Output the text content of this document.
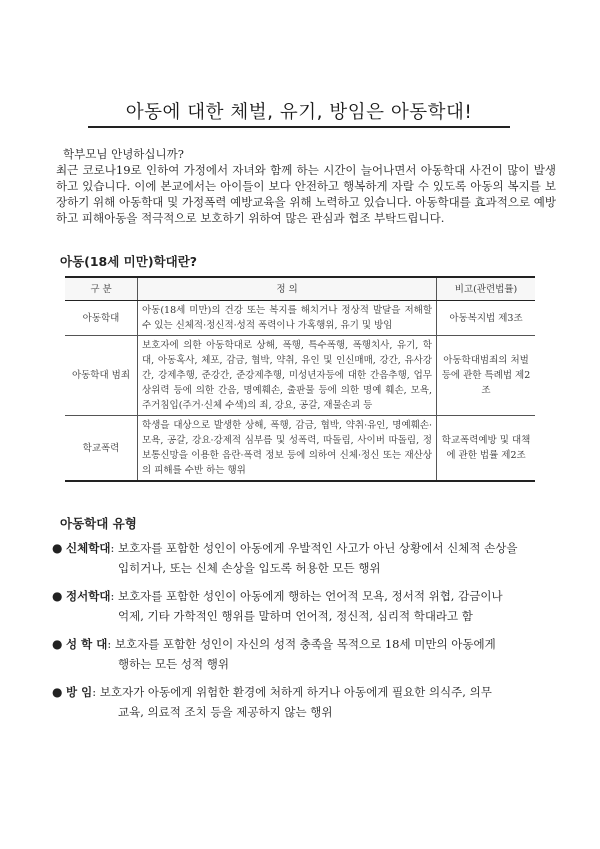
아동에 대한 체벌, 유기, 방임은 아동학대!

학부모님 안녕하십니까?

최근 코로나19로 인하여 가정에서 자녀와 함께 하는 시간이 늘어나면서 아동학대 사건이 많이 발생하고 있습니다. 이에 본교에서는 아이들이 보다 안전하고 행복하게 자랄 수 있도록 아동의 복지를 보장하기 위해 아동학대 및 가정폭력 예방교육을 위해 노력하고 있습니다. 아동학대를 효과적으로 예방하고 피해아동을 적극적으로 보호하기 위하여 많은 관심과 협조 부탁드립니다.

아동(18세 미만)학대란?
구 분	정 의	비고(관련법률)
아동학대	아동(18세 미만)의 건강 또는 복지를 해치거나 정상적 발달을 저해할 수 있는 신체적·정신적·성적 폭력이나 가혹행위, 유기 및 방임	아동복지법 제3조
아동학대 범죄	보호자에 의한 아동학대로 상해, 폭행, 특수폭행, 폭행치사, 유기, 학대, 아동혹사, 체포, 감금, 협박, 약취, 유인 및 인신매매, 강간, 유사강간, 강제추행, 준강간, 준강제추행, 미성년자등에 대한 간음추행, 업무상위력 등에 의한 간음, 명예훼손, 출판물 등에 의한 명예 훼손, 모욕, 주거침입(주거·신체 수색)의 죄, 강요, 공갈, 재물손괴 등	아동학대범죄의 처벌 등에 관한 특례법 제2조
학교폭력	학생을 대상으로 발생한 상해, 폭행, 감금, 협박, 약취·유인, 명예훼손·모욕, 공갈, 강요·강제적 심부름 및 성폭력, 따돌림, 사이버 따돌림, 정보통신망을 이용한 음란·폭력 정보 등에 의하여 신체·정신 또는 재산상의 피해를 수반 하는 행위	학교폭력예방 및 대책에 관한 법률 제2조
아동학대 유형
● 신체학대: 보호자를 포함한 성인이 아동에게 우발적인 사고가 아닌 상황에서 신체적 손상을
입히거나, 또는 신체 손상을 입도록 허용한 모든 행위
● 정서학대: 보호자를 포함한 성인이 아동에게 행하는 언어적 모욕, 정서적 위협, 감금이나
억제, 기타 가학적인 행위를 말하며 언어적, 정신적, 심리적 학대라고 함
● 성 학 대: 보호자를 포함한 성인이 자신의 성적 충족을 목적으로 18세 미만의 아동에게
행하는 모든 성적 행위
● 방 임: 보호자가 아동에게 위험한 환경에 처하게 하거나 아동에게 필요한 의식주, 의무
교육, 의료적 조치 등을 제공하지 않는 행위
